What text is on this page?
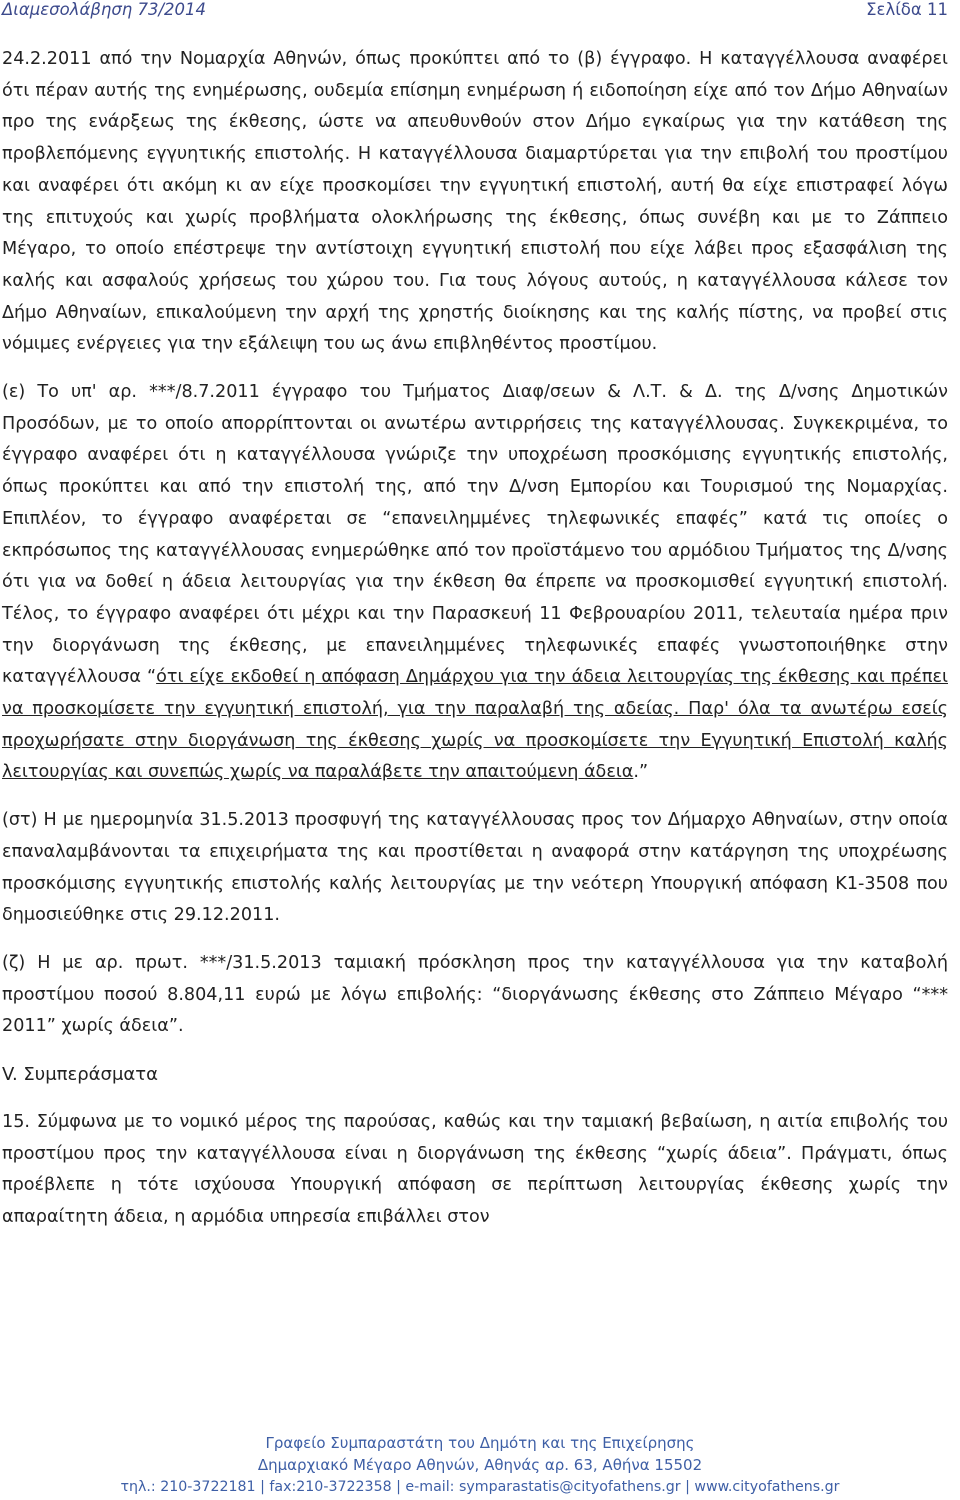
Διαμεσολάβηση 73/2014	Σελίδα 11

24.2.2011 από την Νομαρχία Αθηνών, όπως προκύπτει από το (β) έγγραφο. Η καταγγέλλουσα αναφέρει ότι πέραν αυτής της ενημέρωσης, ουδεμία επίσημη ενημέρωση ή ειδοποίηση είχε από τον Δήμο Αθηναίων προ της ενάρξεως της έκθεσης, ώστε να απευθυνθούν στον Δήμο εγκαίρως για την κατάθεση της προβλεπόμενης εγγυητικής επιστολής. Η καταγγέλλουσα διαμαρτύρεται για την επιβολή του προστίμου και αναφέρει ότι ακόμη κι αν είχε προσκομίσει την εγγυητική επιστολή, αυτή θα είχε επιστραφεί λόγω της επιτυχούς και χωρίς προβλήματα ολοκλήρωσης της έκθεσης, όπως συνέβη και με το Ζάππειο Μέγαρο, το οποίο επέστρεψε την αντίστοιχη εγγυητική επιστολή που είχε λάβει προς εξασφάλιση της καλής και ασφαλούς χρήσεως του χώρου του. Για τους λόγους αυτούς, η καταγγέλλουσα κάλεσε τον Δήμο Αθηναίων, επικαλούμενη την αρχή της χρηστής διοίκησης και της καλής πίστης, να προβεί στις νόμιμες ενέργειες για την εξάλειψη του ως άνω επιβληθέντος προστίμου.

(ε) Το υπ' αρ. ***/8.7.2011 έγγραφο του Τμήματος Διαφ/σεων & Λ.Τ. & Δ. της Δ/νσης Δημοτικών Προσόδων, με το οποίο απορρίπτονται οι ανωτέρω αντιρρήσεις της καταγγέλλουσας. Συγκεκριμένα, το έγγραφο αναφέρει ότι η καταγγέλλουσα γνώριζε την υποχρέωση προσκόμισης εγγυητικής επιστολής, όπως προκύπτει και από την επιστολή της, από την Δ/νση Εμπορίου και Τουρισμού της Νομαρχίας. Επιπλέον, το έγγραφο αναφέρεται σε “επανειλημμένες τηλεφωνικές επαφές” κατά τις οποίες ο εκπρόσωπος της καταγγέλλουσας ενημερώθηκε από τον προϊστάμενο του αρμόδιου Τμήματος της Δ/νσης ότι για να δοθεί η άδεια λειτουργίας για την έκθεση θα έπρεπε να προσκομισθεί εγγυητική επιστολή. Τέλος, το έγγραφο αναφέρει ότι μέχρι και την Παρασκευή 11 Φεβρουαρίου 2011, τελευταία ημέρα πριν την διοργάνωση της έκθεσης, με επανειλημμένες τηλεφωνικές επαφές γνωστοποιήθηκε στην καταγγέλλουσα “ότι είχε εκδοθεί η απόφαση Δημάρχου για την άδεια λειτουργίας της έκθεσης και πρέπει να προσκομίσετε την εγγυητική επιστολή, για την παραλαβή της αδείας. Παρ' όλα τα ανωτέρω εσείς προχωρήσατε στην διοργάνωση της έκθεσης χωρίς να προσκομίσετε την Εγγυητική Επιστολή καλής λειτουργίας και συνεπώς χωρίς να παραλάβετε την απαιτούμενη άδεια.”

(στ) Η με ημερομηνία 31.5.2013 προσφυγή της καταγγέλλουσας προς τον Δήμαρχο Αθηναίων, στην οποία επαναλαμβάνονται τα επιχειρήματα της και προστίθεται η αναφορά στην κατάργηση της υποχρέωσης προσκόμισης εγγυητικής επιστολής καλής λειτουργίας με την νεότερη Υπουργική απόφαση Κ1-3508 που δημοσιεύθηκε στις 29.12.2011.

(ζ) Η με αρ. πρωτ. ***/31.5.2013 ταμιακή πρόσκληση προς την καταγγέλλουσα για την καταβολή προστίμου ποσού 8.804,11 ευρώ με λόγω επιβολής: “διοργάνωσης έκθεσης στο Ζάππειο Μέγαρο “*** 2011” χωρίς άδεια”.

V. Συμπεράσματα

15. Σύμφωνα με το νομικό μέρος της παρούσας, καθώς και την ταμιακή βεβαίωση, η αιτία επιβολής του προστίμου προς την καταγγέλλουσα είναι η διοργάνωση της έκθεσης “χωρίς άδεια”. Πράγματι, όπως προέβλεπε η τότε ισχύουσα Υπουργική απόφαση σε περίπτωση λειτουργίας έκθεσης χωρίς την απαραίτητη άδεια, η αρμόδια υπηρεσία επιβάλλει στον

Γραφείο Συμπαραστάτη του Δημότη και της Επιχείρησης
Δημαρχιακό Μέγαρο Αθηνών, Αθηνάς αρ. 63, Αθήνα 15502
τηλ.: 210-3722181 | fax:210-3722358 | e-mail: symparastatis@cityofathens.gr | www.cityofathens.gr
